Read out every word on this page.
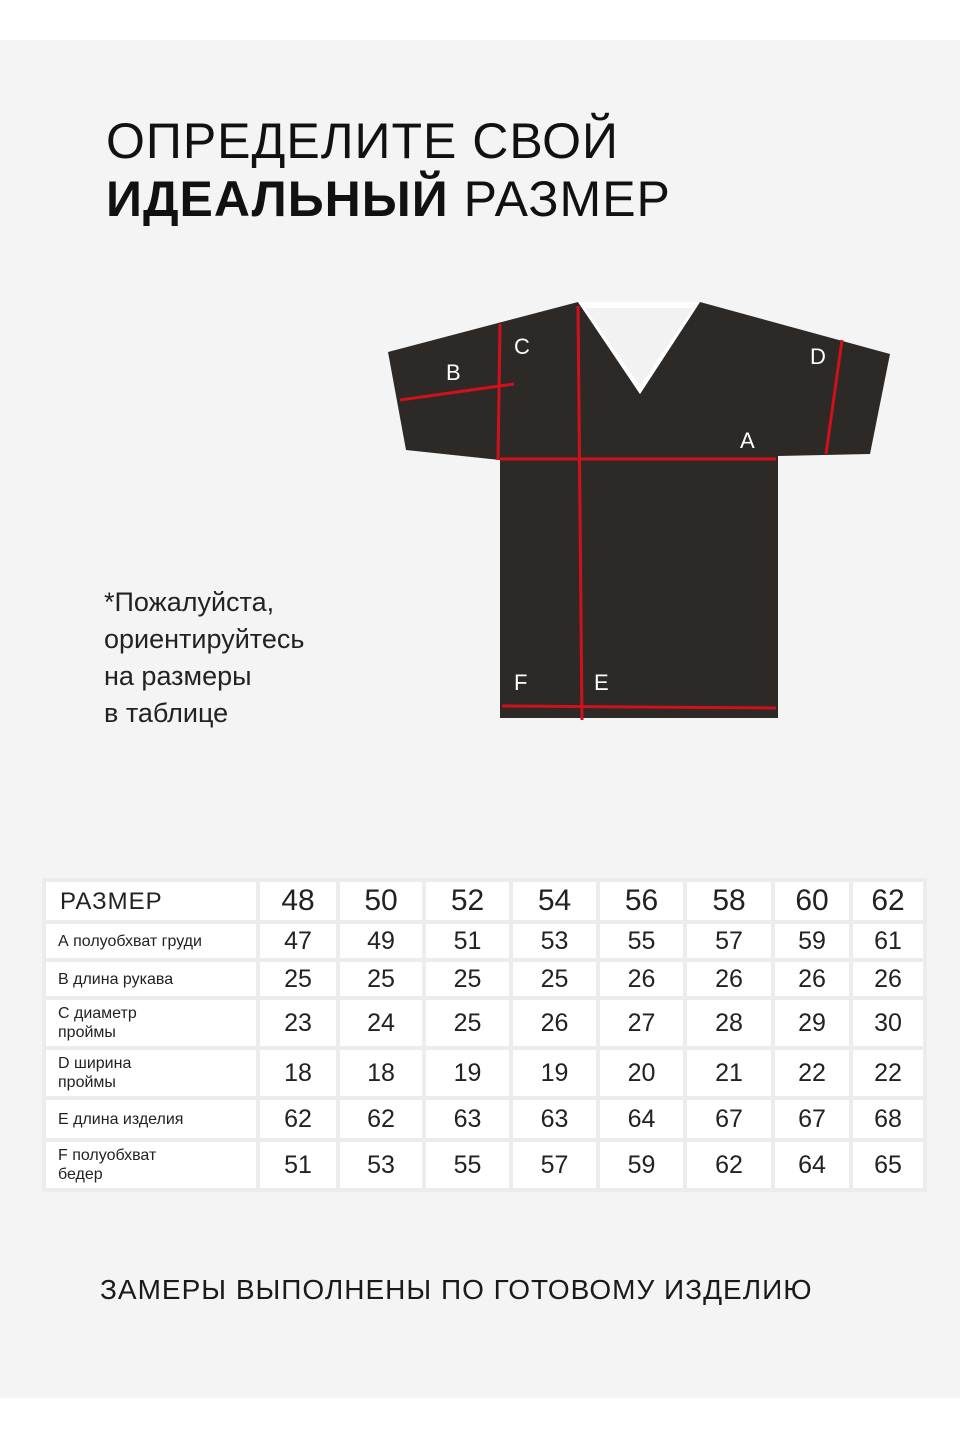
ОПРЕДЕЛИТЕ СВОЙ
ИДЕАЛЬНЫЙ РАЗМЕР
A
B
C	D
E
F
*Пожалуйста,
ориентируйтесь
на размеры
в таблице
РАЗМЕР	48	50	52	54	56	58	60	62
А полуобхват груди	47	49	51	53	55	57	59	61
В длина рукава	25	25	25	25	26	26	26	26
С диаметр
проймы	23	24	25	26	27	28	29	30
D ширина
проймы	18	18	19	19	20	21	22	22
Е длина изделия	62	62	63	63	64	67	67	68
F полуобхват
бедер	51	53	55	57	59	62	64	65
ЗАМЕРЫ ВЫПОЛНЕНЫ ПО ГОТОВОМУ ИЗДЕЛИЮ
